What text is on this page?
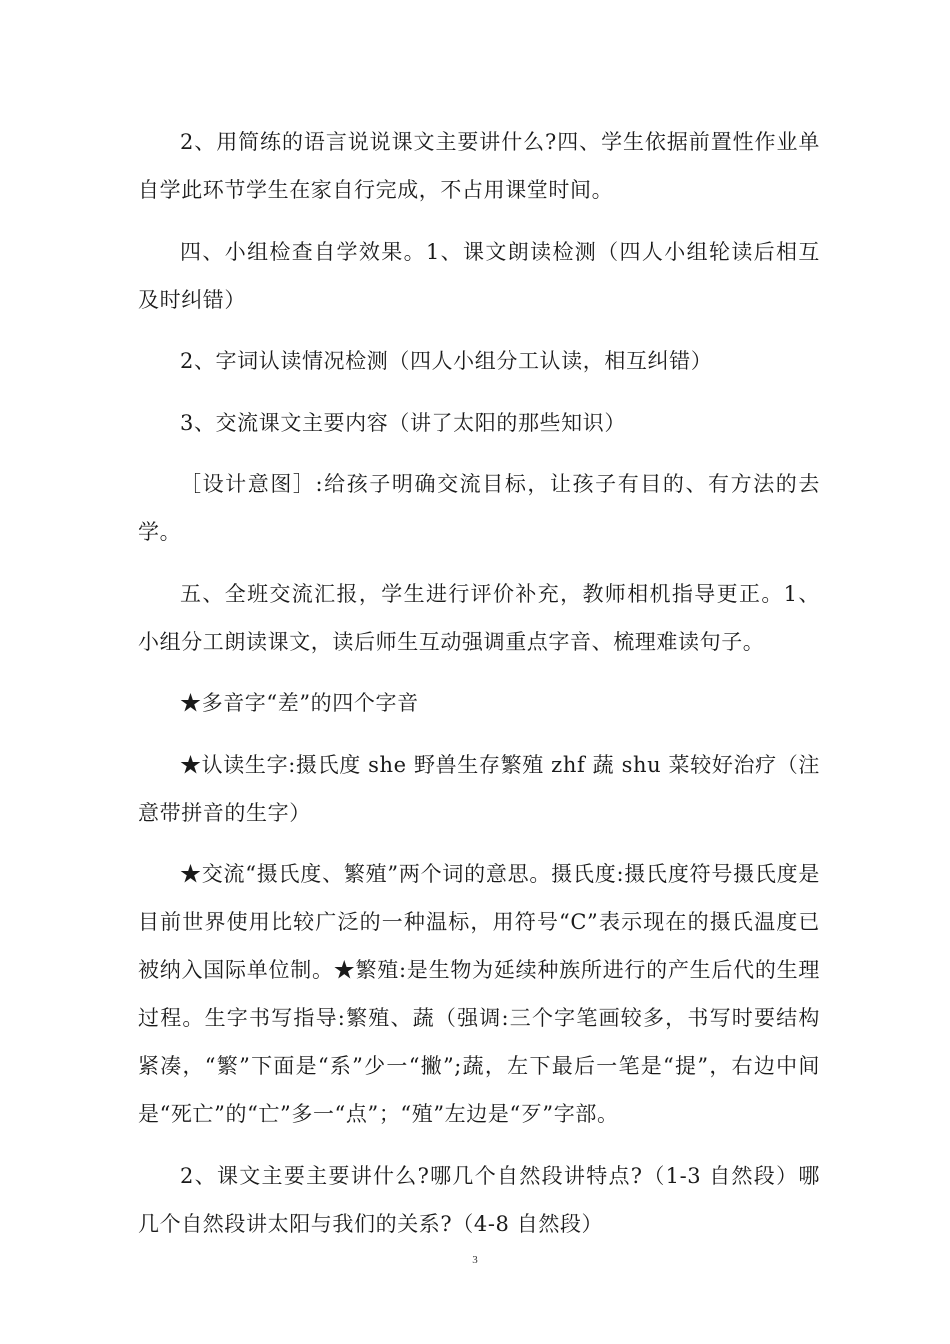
2、用简练的语言说说课文主要讲什么?四、学生依据前置性作业单自学此环节学生在家自行完成，不占用课堂时间。

四、小组检查自学效果。1、课文朗读检测（四人小组轮读后相互及时纠错）

2、字词认读情况检测（四人小组分工认读，相互纠错）

3、交流课文主要内容（讲了太阳的那些知识）

［设计意图］:给孩子明确交流目标，让孩子有目的、有方法的去学。

五、全班交流汇报，学生进行评价补充，教师相机指导更正。1、小组分工朗读课文，读后师生互动强调重点字音、梳理难读句子。

★多音字“差”的四个字音

★认读生字:摄氏度 she 野兽生存繁殖 zhf 蔬 shu 菜较好治疗（注意带拼音的生字）

★交流“摄氏度、繁殖”两个词的意思。摄氏度:摄氏度符号摄氏度是目前世界使用比较广泛的一种温标，用符号“C”表示现在的摄氏温度已被纳入国际单位制。★繁殖:是生物为延续种族所进行的产生后代的生理过程。生字书写指导:繁殖、蔬（强调:三个字笔画较多，书写时要结构紧凑，“繁”下面是“系”少一“撇”;蔬，左下最后一笔是“提”，右边中间是“死亡”的“亡”多一“点”；“殖”左边是“歹”字部。

2、课文主要主要讲什么?哪几个自然段讲特点?（1-3 自然段）哪几个自然段讲太阳与我们的关系?（4-8 自然段）

3
